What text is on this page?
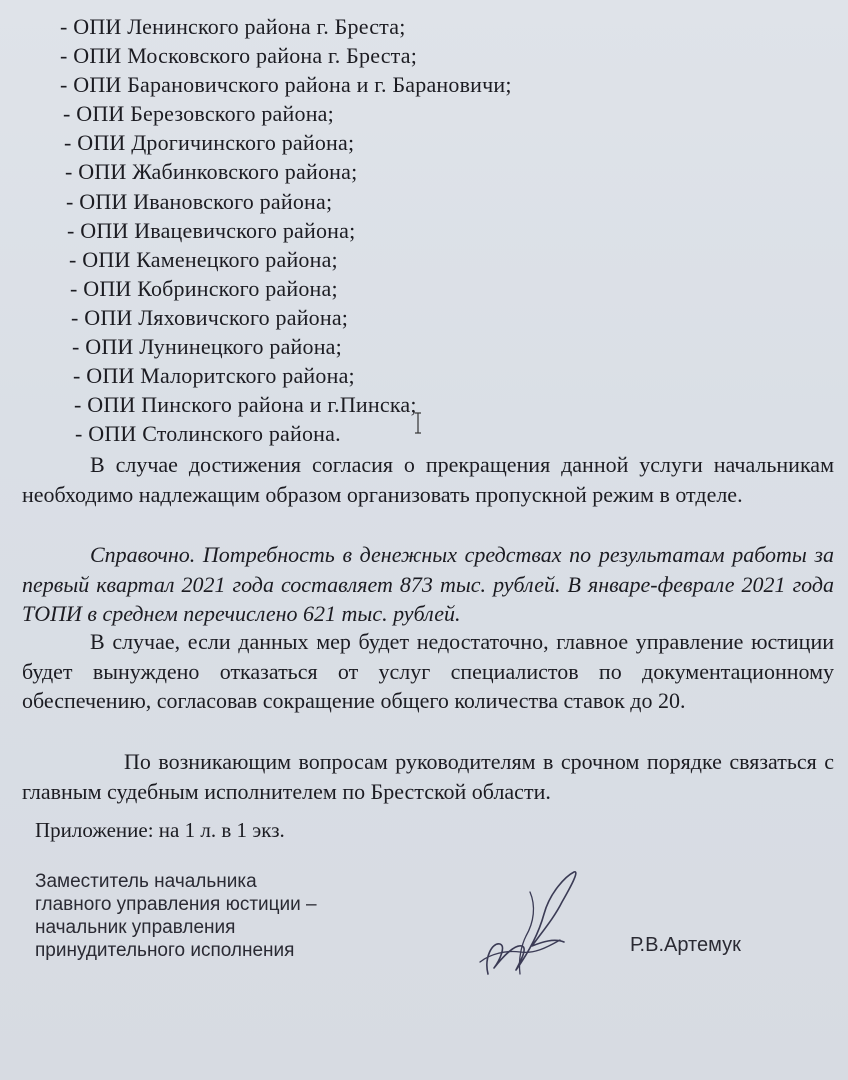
- ОПИ Ленинского района г. Бреста;
- ОПИ Московского района г. Бреста;
- ОПИ Барановичского района и г. Барановичи;
- ОПИ Березовского района;
- ОПИ Дрогичинского района;
- ОПИ Жабинковского района;
- ОПИ Ивановского района;
- ОПИ Ивацевичского района;
- ОПИ Каменецкого района;
- ОПИ Кобринского района;
- ОПИ Ляховичского района;
- ОПИ Лунинецкого района;
- ОПИ Малоритского района;
- ОПИ Пинского района и г.Пинска;
- ОПИ Столинского района.

В случае достижения согласия о прекращения данной услуги начальникам необходимо надлежащим образом организовать пропускной режим в отделе.

Справочно. Потребность в денежных средствах по результатам работы за первый квартал 2021 года составляет 873 тыс. рублей. В январе-феврале 2021 года ТОПИ в среднем перечислено 621 тыс. рублей.

В случае, если данных мер будет недостаточно, главное управление юстиции будет вынуждено отказаться от услуг специалистов по документационному обеспечению, согласовав сокращение общего количества ставок до 20.

По возникающим вопросам руководителям в срочном порядке связаться с главным судебным исполнителем по Брестской области.

Приложение: на 1 л. в 1 экз.

Заместитель начальника
главного управления юстиции –
начальник управления
принудительного исполнения	Р.В.Артемук
